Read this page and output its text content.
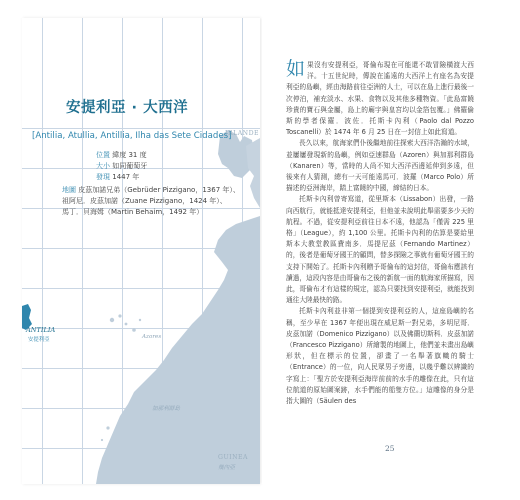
安提利亞 · 大西洋
[Antilia, Atullia, Antillia, Ilha das Sete Cidades]
位置 緯度 31 度
大小 如同葡萄牙
發現 1447 年
地圖 皮茲加諾兄弟（Gebrüder Pizzigano，1367 年）、
祖阿尼．皮茲加諾（Zuane Pizzigano，1424 年）、
馬丁．貝海姆（Martin Behaim，1492 年）
IRLANDE
ANTILIA
安提利亞	Azores
加那利群島
GUINEA
幾內亞

如果沒有安提利亞，哥倫布現在可能還不敢冒險橫渡大西洋。十五世紀時，傳說在遙遠的大西洋上有座名為安提利亞的島嶼，經由海路前往亞洲的人士，可以在島上進行最後一次停泊，補充淡水、水果、食物以及其他多種物資。「此島富饒珍貴的寶石與金屬，島上的廟宇與皇宮均以金箔包覆。」佛羅倫斯的學者保羅．波佐．托斯卡內利（Paolo dal Pozzo Toscanelli）於 1474 年 6 月 25 日在一封信上如此寫道。

長久以來，航海家們仆後繼地前往探索大西洋浩瀚的水域，並屢屢發現新的島嶼，例如亞速群島（Azoren）與加那利群島（Kanaren）等，當時的人尚不知大西洋西邊延伸到多遠，但後來有人猜測，總有一天可能遠馬可．波羅（Marco Polo）所描述的亞洲海岸，踏上富饒的中國，締結的日本。

托斯卡內利曾寄寫道，從里斯本（Lissabon）出發，一路向西航行，就能抵達安提利亞，但他並未說明此舉需要多少天的航程。不過，從安提利亞前往日本不遠，他認為「僅需 225 里格」（League），約 1,100 公里。托斯卡內利的估算是要給里斯本大教堂教區費南多．馬提尼茲（Fernando Martinez）的，後者是葡萄牙國王的顧問，替多探險之事就有葡萄牙國王的支持下開始了。托斯卡內利贈予哥倫布的這封信，哥倫布應該有讀過，這段內容是由哥倫布之後的新航一面的航海家所描寫，因此，哥倫布才有這樣的規定，認為只要找到安提利亞，就能找到通往大陸最快的路。

托斯卡內利並非第一個提到安提利亞的人，這座島嶼的名稱，至少早在 1367 年便出現在威尼斯一對兄弟，多明尼哥．皮茲加諾（Domenico Pizzigano）以及佛蘭切斯科．皮茲加諾（Francesco Pizzigano）所繪製的地圖上，他們並未畫出島嶼形狀，但在標示的位置，卻畫了一名舉著旗幟的騎士（Entrance）的一位，向人民眾男子旁邊，以幾乎難以辨識的字寫上：「聖方於安提利亞海岸前前的水手的雕像在此，只有這位航道的原始圖案跡，水手們能的船隻方位。」這雕像的身分是指大圖的（Säulen des

25
